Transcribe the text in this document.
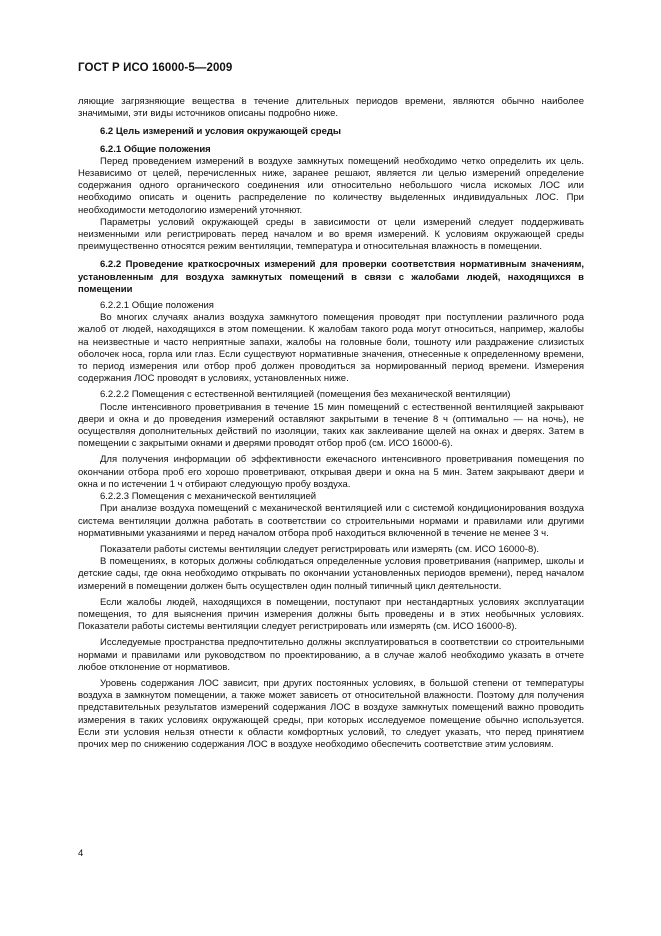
ГОСТ Р ИСО 16000-5—2009

ляющие загрязняющие вещества в течение длительных периодов времени, являются обычно наиболее значимыми, эти виды источников описаны подробно ниже.

6.2 Цель измерений и условия окружающей среды

6.2.1 Общие положения

Перед проведением измерений в воздухе замкнутых помещений необходимо четко определить их цель. Независимо от целей, перечисленных ниже, заранее решают, является ли целью измерений определение содержания одного органического соединения или относительно небольшого числа искомых ЛОС или необходимо описать и оценить распределение по количеству выделенных индивидуальных ЛОС. При необходимости методологию измерений уточняют.

Параметры условий окружающей среды в зависимости от цели измерений следует поддерживать неизменными или регистрировать перед началом и во время измерений. К условиям окружающей среды преимущественно относятся режим вентиляции, температура и относительная влажность в помещении.

6.2.2 Проведение краткосрочных измерений для проверки соответствия нормативным значениям, установленным для воздуха замкнутых помещений в связи с жалобами людей, находящихся в помещении

6.2.2.1 Общие положения

Во многих случаях анализ воздуха замкнутого помещения проводят при поступлении различного рода жалоб от людей, находящихся в этом помещении. К жалобам такого рода могут относиться, например, жалобы на неизвестные и часто неприятные запахи, жалобы на головные боли, тошноту или раздражение слизистых оболочек носа, горла или глаз. Если существуют нормативные значения, отнесенные к определенному времени, то период измерения или отбор проб должен проводиться за нормированный период времени. Измерения содержания ЛОС проводят в условиях, установленных ниже.

6.2.2.2 Помещения с естественной вентиляцией (помещения без механической вентиляции)

После интенсивного проветривания в течение 15 мин помещений с естественной вентиляцией закрывают двери и окна и до проведения измерений оставляют закрытыми в течение 8 ч (оптимально — на ночь), не осуществляя дополнительных действий по изоляции, таких как заклеивание щелей на окнах и дверях. Затем в помещении с закрытыми окнами и дверями проводят отбор проб (см. ИСО 16000-6).

Для получения информации об эффективности ежечасного интенсивного проветривания помещения по окончании отбора проб его хорошо проветривают, открывая двери и окна на 5 мин. Затем закрывают двери и окна и по истечении 1 ч отбирают следующую пробу воздуха.

6.2.2.3 Помещения с механической вентиляцией

При анализе воздуха помещений с механической вентиляцией или с системой кондиционирования воздуха система вентиляции должна работать в соответствии со строительными нормами и правилами или другими нормативными указаниями и перед началом отбора проб находиться включенной в течение не менее 3 ч.

Показатели работы системы вентиляции следует регистрировать или измерять (см. ИСО 16000-8).

В помещениях, в которых должны соблюдаться определенные условия проветривания (например, школы и детские сады, где окна необходимо открывать по окончании установленных периодов времени), перед началом измерений в помещении должен быть осуществлен один полный типичный цикл деятельности.

Если жалобы людей, находящихся в помещении, поступают при нестандартных условиях эксплуатации помещения, то для выяснения причин измерения должны быть проведены и в этих необычных условиях. Показатели работы системы вентиляции следует регистрировать или измерять (см. ИСО 16000-8).

Исследуемые пространства предпочтительно должны эксплуатироваться в соответствии со строительными нормами и правилами или руководством по проектированию, а в случае жалоб необходимо указать в отчете любое отклонение от нормативов.

Уровень содержания ЛОС зависит, при других постоянных условиях, в большой степени от температуры воздуха в замкнутом помещении, а также может зависеть от относительной влажности. Поэтому для получения представительных результатов измерений содержания ЛОС в воздухе замкнутых помещений важно проводить измерения в таких условиях окружающей среды, при которых исследуемое помещение обычно используется. Если эти условия нельзя отнести к области комфортных условий, то следует указать, что перед принятием прочих мер по снижению содержания ЛОС в воздухе необходимо обеспечить соответствие этим условиям.

4
